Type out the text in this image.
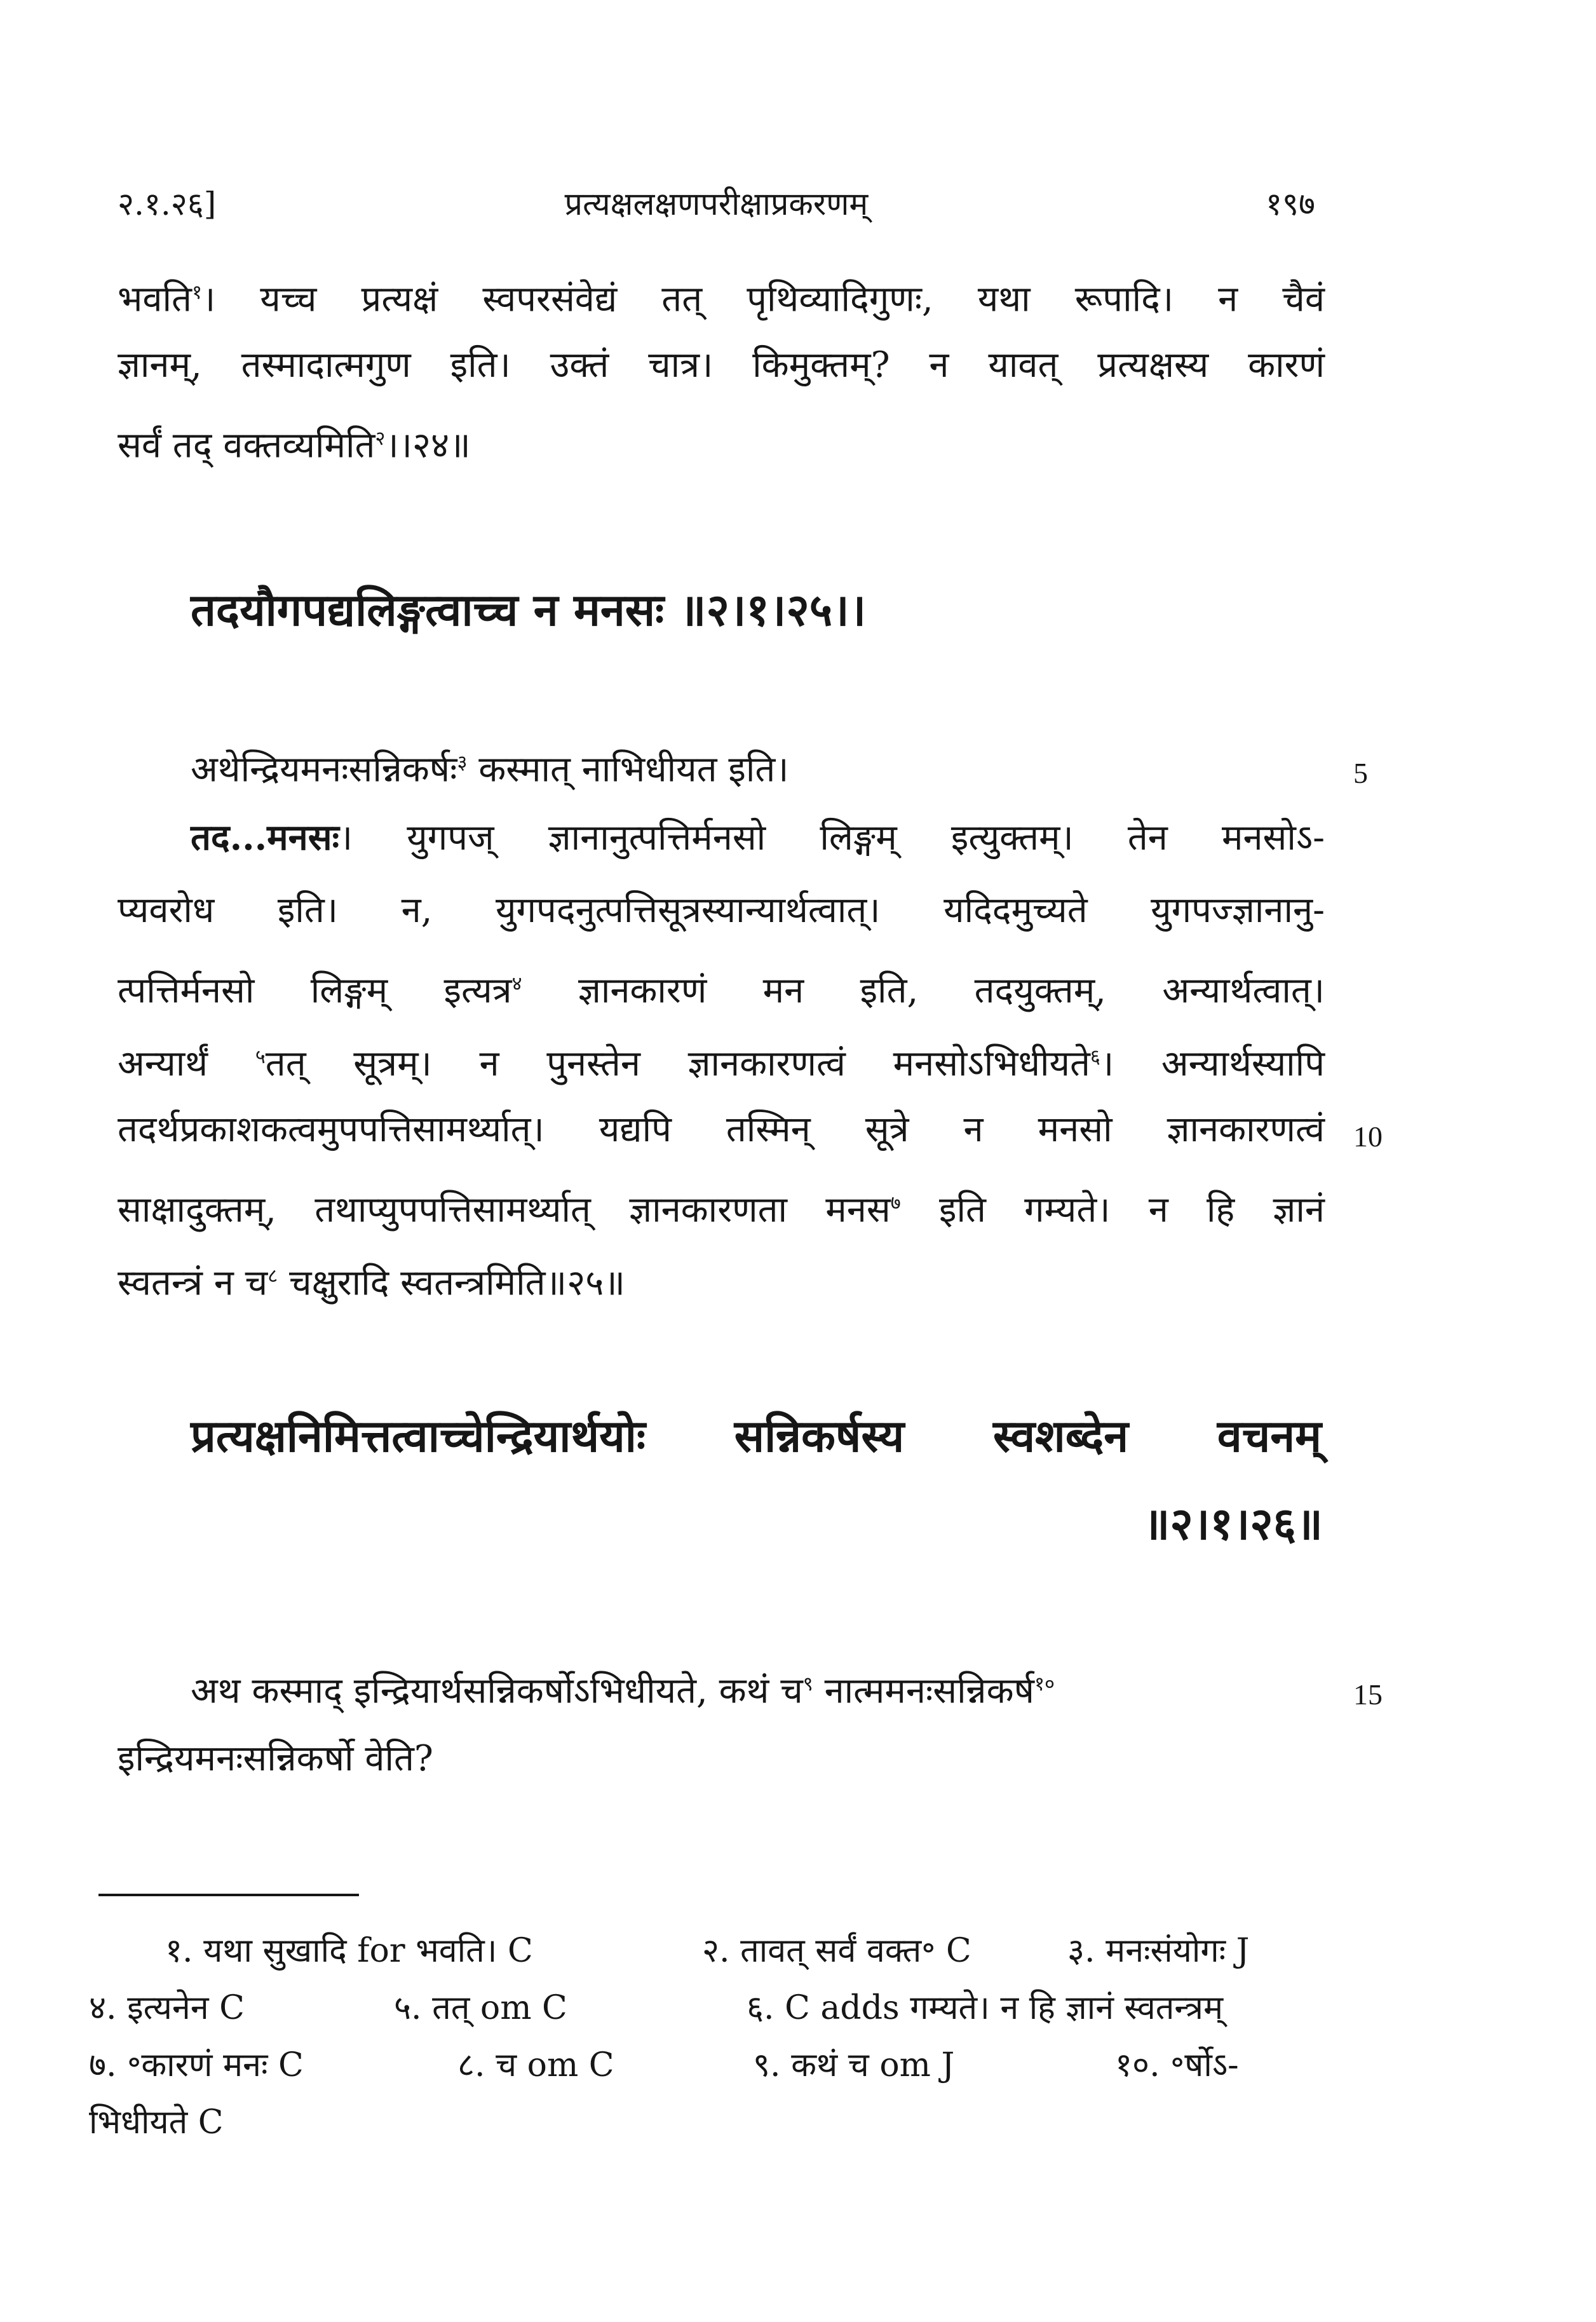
२.१.२६]	प्रत्यक्षलक्षणपरीक्षाप्रकरणम्	१९७
भवति$^१$। यच्च प्रत्यक्षं स्वपरसंवेद्यं तत् पृथिव्यादिगुणः, यथा रूपादि। न चैवं
ज्ञानम्, तस्मादात्मगुण इति। उक्तं चात्र। किमुक्तम्? न यावत् प्रत्यक्षस्य कारणं
सर्वं तद् वक्तव्यमिति$^२$।।२४॥
तदयौगपद्यलिङ्गत्वाच्च न मनसः ॥२।१।२५।।
अथेन्द्रियमनःसन्निकर्षः$^३$ कस्मात् नाभिधीयत इति।	5
तद...मनसः। युगपज् ज्ञानानुत्पत्तिर्मनसो लिङ्गम् इत्युक्तम्। तेन मनसोऽ-
प्यवरोध इति। न, युगपदनुत्पत्तिसूत्रस्यान्यार्थत्वात्। यदिदमुच्यते युगपज्ज्ञानानु-
त्पत्तिर्मनसो लिङ्गम् इत्यत्र$^४$ ज्ञानकारणं मन इति, तदयुक्तम्, अन्यार्थत्वात्।
अन्यार्थं $^५$तत् सूत्रम्। न पुनस्तेन ज्ञानकारणत्वं मनसोऽभिधीयते$^६$। अन्यार्थस्यापि
तदर्थप्रकाशकत्वमुपपत्तिसामर्थ्यात्। यद्यपि तस्मिन् सूत्रे न मनसो ज्ञानकारणत्वं 10
साक्षादुक्तम्, तथाप्युपपत्तिसामर्थ्यात् ज्ञानकारणता मनस$^७$ इति गम्यते। न हि ज्ञानं
स्वतन्त्रं न च$^८$ चक्षुरादि स्वतन्त्रमिति॥२५॥
प्रत्यक्षनिमित्तत्वाच्चेन्द्रियार्थयोः सन्निकर्षस्य स्वशब्देन वचनम्
॥२।१।२६॥
अथ कस्माद् इन्द्रियार्थसन्निकर्षोऽभिधीयते, कथं च$^९$ नात्ममनःसन्निकर्ष$^{१०}$	15
इन्द्रियमनःसन्निकर्षो वेति?
१. यथा सुखादि for भवति। C	२. तावत् सर्वं वक्त॰ C	३. मनःसंयोगः J
४. इत्यनेन C	५. तत् om C	६. C adds गम्यते। न हि ज्ञानं स्वतन्त्रम्
७. ॰कारणं मनः C	८. च om C	९. कथं च om J	१०. ॰र्षोऽ-
भिधीयते C
